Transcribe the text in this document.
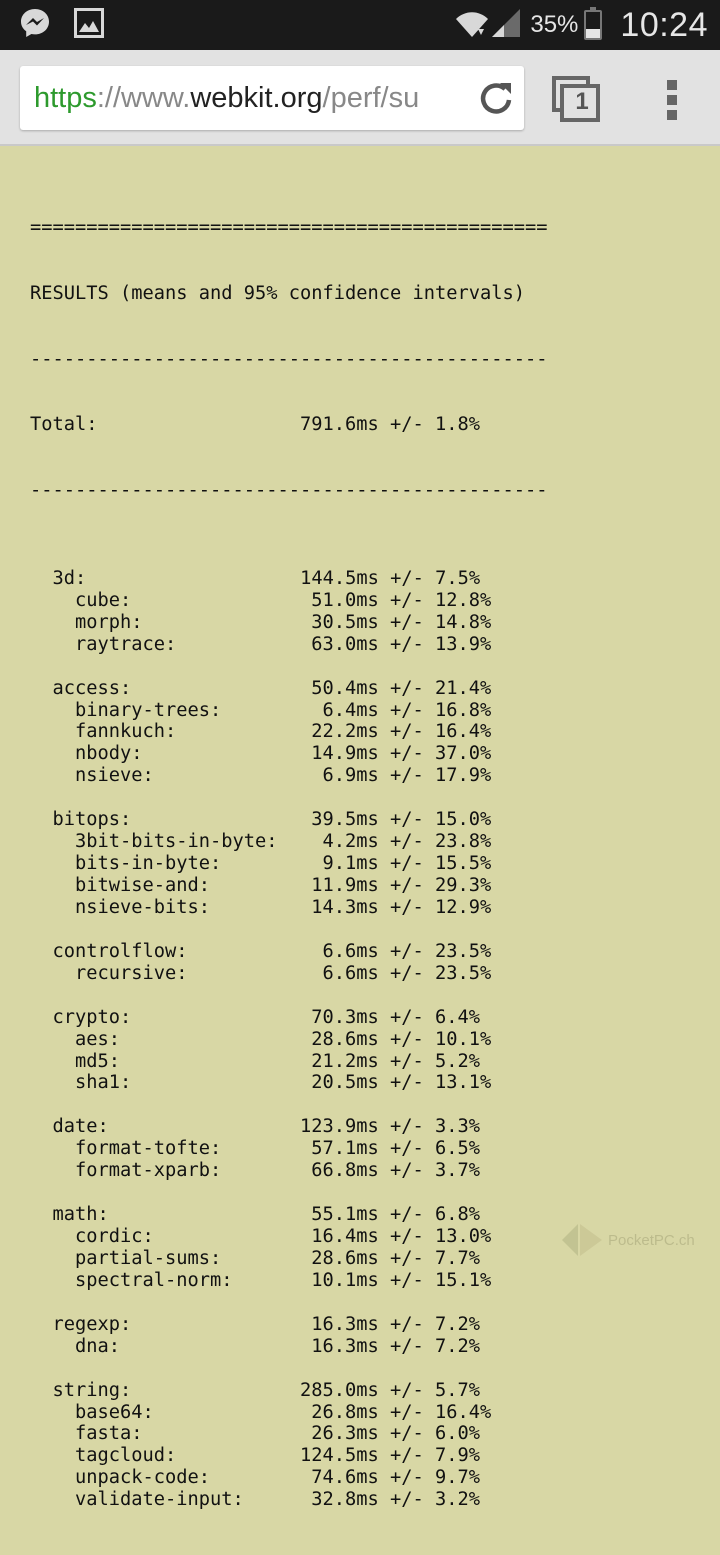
35% 10:24
https://www.webkit.org/perf/su	1

==============================================

RESULTS (means and 95% confidence intervals)

----------------------------------------------

Total:	791.6ms +/- 1.8%

----------------------------------------------

3d:	144.5ms +/- 7.5%
cube:	51.0ms +/- 12.8%
morph:	30.5ms +/- 14.8%
raytrace:	63.0ms +/- 13.9%
access:	50.4ms +/- 21.4%
binary-trees:	6.4ms +/- 16.8%
fannkuch:	22.2ms +/- 16.4%
nbody:	14.9ms +/- 37.0%
nsieve:	6.9ms +/- 17.9%
bitops:	39.5ms +/- 15.0%
3bit-bits-in-byte: 4.2ms +/- 23.8%
bits-in-byte:	9.1ms +/- 15.5%
bitwise-and:	11.9ms +/- 29.3%
nsieve-bits:	14.3ms +/- 12.9%
controlflow:	6.6ms +/- 23.5%
recursive:	6.6ms +/- 23.5%
crypto:	70.3ms +/- 6.4%
aes:	28.6ms +/- 10.1%
md5:	21.2ms +/- 5.2%
sha1:	20.5ms +/- 13.1%
date:	123.9ms +/- 3.3%
format-tofte:	57.1ms +/- 6.5%
format-xparb:	66.8ms +/- 3.7%
math:	55.1ms +/- 6.8%
cordic:	16.4ms +/- 13.0%
partial-sums:	28.6ms +/- 7.7%
spectral-norm:	10.1ms +/- 15.1%
regexp:	16.3ms +/- 7.2%
dna:	16.3ms +/- 7.2%
string:	285.0ms +/- 5.7%
base64:	26.8ms +/- 16.4%
fasta:	26.3ms +/- 6.0%
tagcloud:	124.5ms +/- 7.9%
unpack-code:	74.6ms +/- 9.7%
validate-input:	32.8ms +/- 3.2%

PocketPC.ch
